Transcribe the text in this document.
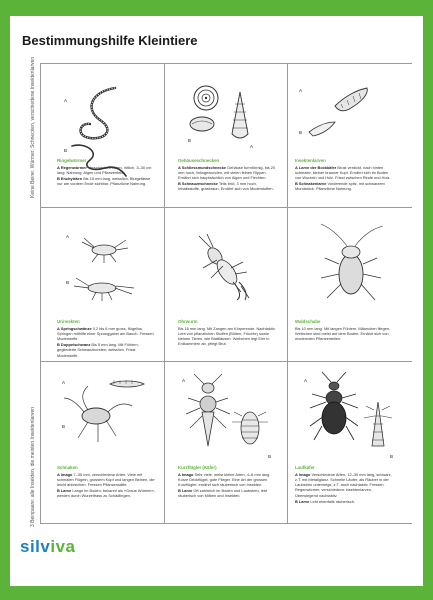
Bestimmungshilfe Kleintiere
Keine Beine: Würmer, Schnecken, verschiedene Insektenlarven
3 Beinpaare: alle Insekten, die meisten Insektenlarven
A
B
Ringelwürmer

A Regenwürmer Verschiedene Arten, rötlich, 3–30 cm lang. Nahrung: Algen und Pflanzenteile.

B Enchyträen Bis 15 mm lang, weisslich. Blutgefässe nur am vordern Ende sichtbar. Pflanzliche Nahrung.

B
A
Gehäuseschnecken

A Schliessmundschnecke Gehäuse turmförmig, bis 20 mm hoch, linksgewunden, mit vielen feinen Rippen. Ernährt sich hauptsächlich von Algen und Flechten.

B Schnauzeschnecke Teils brüt, 3 mm hoch, Inhaltsstoffe, grasbraun, Ernährt sich von Moderstoffen.

A
B
Insektenlarven

A Larve der Bockkäfer Brust verdickt, nach hinten schmaler, kleiner brauner Kopf. Ernährt sich im Boden von Wurzeln und Holz. Frisst zwischen Rinde und Holz.

B Schnakenlarve Vorderende spitz, mit schwarzem Mundstück. Pflanzliche Nahrung.

A
B
Urinsekten

A Springschwänze 0,2 bis 6 mm gross, flügellos. Springen mithilfe einer Sprunggabel am Bauch. Fressen Moderstoffe.

B Doppelschwanz Bis 5 mm lang. Mit Fühlern, gegliederte Schwanzborsten; weisslich. Frisst Moderstoffe.

Ohrwurm

Bis 16 mm lang. Mit Zangen am Körperende. Nachtaktiv. Lebt von pflanzlichen Stoffen (Blüten, Früchte) sowie kleinen Tieren, wie Blattläusen. Weibchen legt Eier in Erdkammern ab, pflegt Brut.

Waldschabe

Bis 10 mm lang. Mit langen Fühlern. Männchen fliegen, Weibchen sind meist auf dem Boden. Ernährt sich von modernden Pflanzenteilen.

A
B
Schnaken

A Imago 7–35 mm, verschiedene Arten. Viele mit schmalen Flügeln, grossem Kopf und langen Beinen, die leicht abbrechen. Fressen Pflanzensäfte.

B Larve Lange im Boden; bekannt als «Graue Würmer», werden durch Wurzelfrass zu Schädlingen.

A
B
Kurzflügler (Käfer)

A Imago Sehr viele, meist kleine Arten, 4–6 mm lang. Kurze Deckflügel; gute Flieger. Eine Art der grossen Kurzflügler, ernährt sich räuberisch von Insekten.

B Larve Oft zahlreich im Boden und Laubstreu, lebt räuberisch von Milben und Insekten.

A
B
Laufkäfer

A Imago Verschiedene Arten, 12–30 mm lang, schwarz, z.T. mit Metallglanz. Schnelle Läufer, als Räuber in der Laubstreu unterwegs, z.T. auch nachtaktiv. Fressen Regenwürmer, verschiedene Insektenlarven. Überwiegend nachtaktiv.

B Larve Lebt ebenfalls räuberisch.

silviva
